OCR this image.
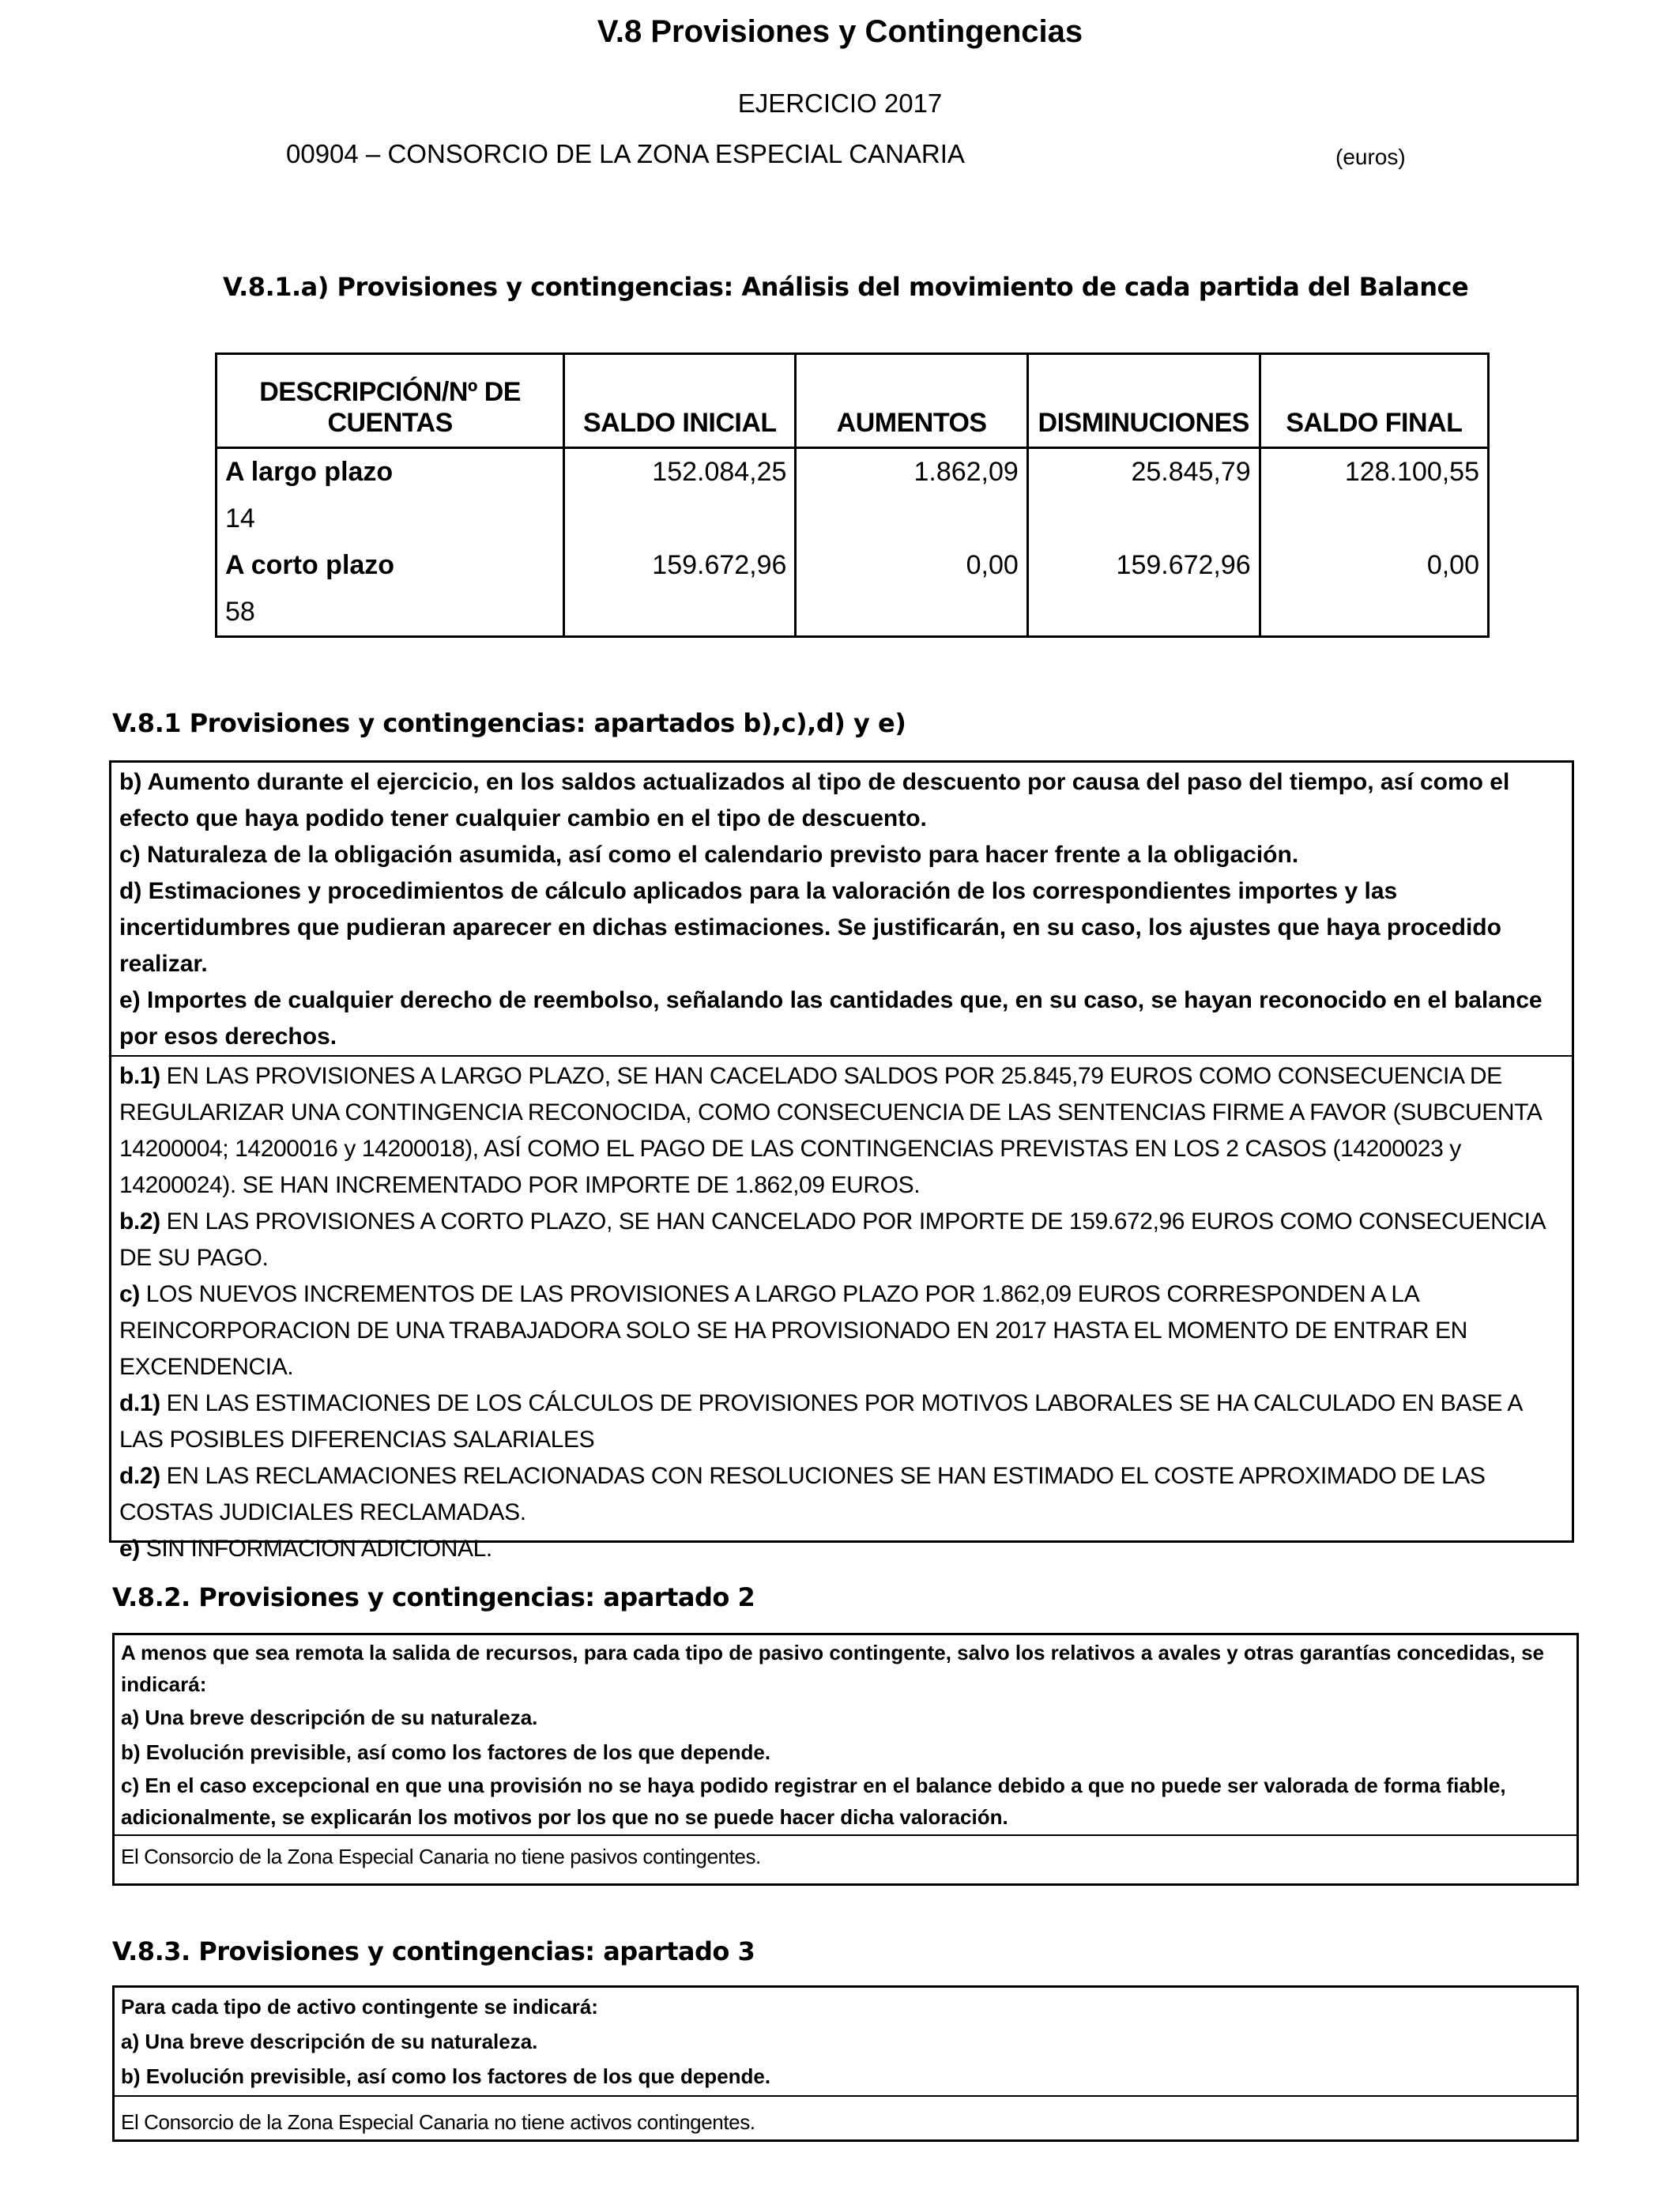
V.8 Provisiones y Contingencias
EJERCICIO 2017
00904 – CONSORCIO DE LA ZONA ESPECIAL CANARIA	(euros)
V.8.1.a) Provisiones y contingencias: Análisis del movimiento de cada partida del Balance
DESCRIPCIÓN/Nº DE CUENTAS	SALDO INICIAL	AUMENTOS	DISMINUCIONES	SALDO FINAL
A largo plazo	152.084,25	1.862,09	25.845,79	128.100,55
14				
A corto plazo	159.672,96	0,00	159.672,96	0,00
58				
V.8.1 Provisiones y contingencias: apartados b),c),d) y e)

b) Aumento durante el ejercicio, en los saldos actualizados al tipo de descuento por causa del paso del tiempo, así como el efecto que haya podido tener cualquier cambio en el tipo de descuento.

c) Naturaleza de la obligación asumida, así como el calendario previsto para hacer frente a la obligación.

d) Estimaciones y procedimientos de cálculo aplicados para la valoración de los correspondientes importes y las incertidumbres que pudieran aparecer en dichas estimaciones. Se justificarán, en su caso, los ajustes que haya procedido realizar.

e) Importes de cualquier derecho de reembolso, señalando las cantidades que, en su caso, se hayan reconocido en el balance por esos derechos.

b.1) EN LAS PROVISIONES A LARGO PLAZO, SE HAN CACELADO SALDOS POR 25.845,79 EUROS COMO CONSECUENCIA DE REGULARIZAR UNA CONTINGENCIA RECONOCIDA, COMO CONSECUENCIA DE LAS SENTENCIAS FIRME A FAVOR (SUBCUENTA 14200004; 14200016 y 14200018), ASÍ COMO EL PAGO DE LAS CONTINGENCIAS PREVISTAS EN LOS 2 CASOS (14200023 y 14200024). SE HAN INCREMENTADO POR IMPORTE DE 1.862,09 EUROS.

b.2) EN LAS PROVISIONES A CORTO PLAZO, SE HAN CANCELADO POR IMPORTE DE 159.672,96 EUROS COMO CONSECUENCIA DE SU PAGO.

c) LOS NUEVOS INCREMENTOS DE LAS PROVISIONES A LARGO PLAZO POR 1.862,09 EUROS CORRESPONDEN A LA REINCORPORACION DE UNA TRABAJADORA SOLO SE HA PROVISIONADO EN 2017 HASTA EL MOMENTO DE ENTRAR EN EXCENDENCIA.

d.1) EN LAS ESTIMACIONES DE LOS CÁLCULOS DE PROVISIONES POR MOTIVOS LABORALES SE HA CALCULADO EN BASE A LAS POSIBLES DIFERENCIAS SALARIALES

d.2) EN LAS RECLAMACIONES RELACIONADAS CON RESOLUCIONES SE HAN ESTIMADO EL COSTE APROXIMADO DE LAS COSTAS JUDICIALES RECLAMADAS.

e) SIN INFORMACION ADICIONAL.

V.8.2. Provisiones y contingencias: apartado 2

A menos que sea remota la salida de recursos, para cada tipo de pasivo contingente, salvo los relativos a avales y otras garantías concedidas, se indicará:

a) Una breve descripción de su naturaleza.

b) Evolución previsible, así como los factores de los que depende.

c) En el caso excepcional en que una provisión no se haya podido registrar en el balance debido a que no puede ser valorada de forma fiable, adicionalmente, se explicarán los motivos por los que no se puede hacer dicha valoración.

El Consorcio de la Zona Especial Canaria no tiene pasivos contingentes.
V.8.3. Provisiones y contingencias: apartado 3

Para cada tipo de activo contingente se indicará:

a) Una breve descripción de su naturaleza.

b) Evolución previsible, así como los factores de los que depende.

El Consorcio de la Zona Especial Canaria no tiene activos contingentes.
